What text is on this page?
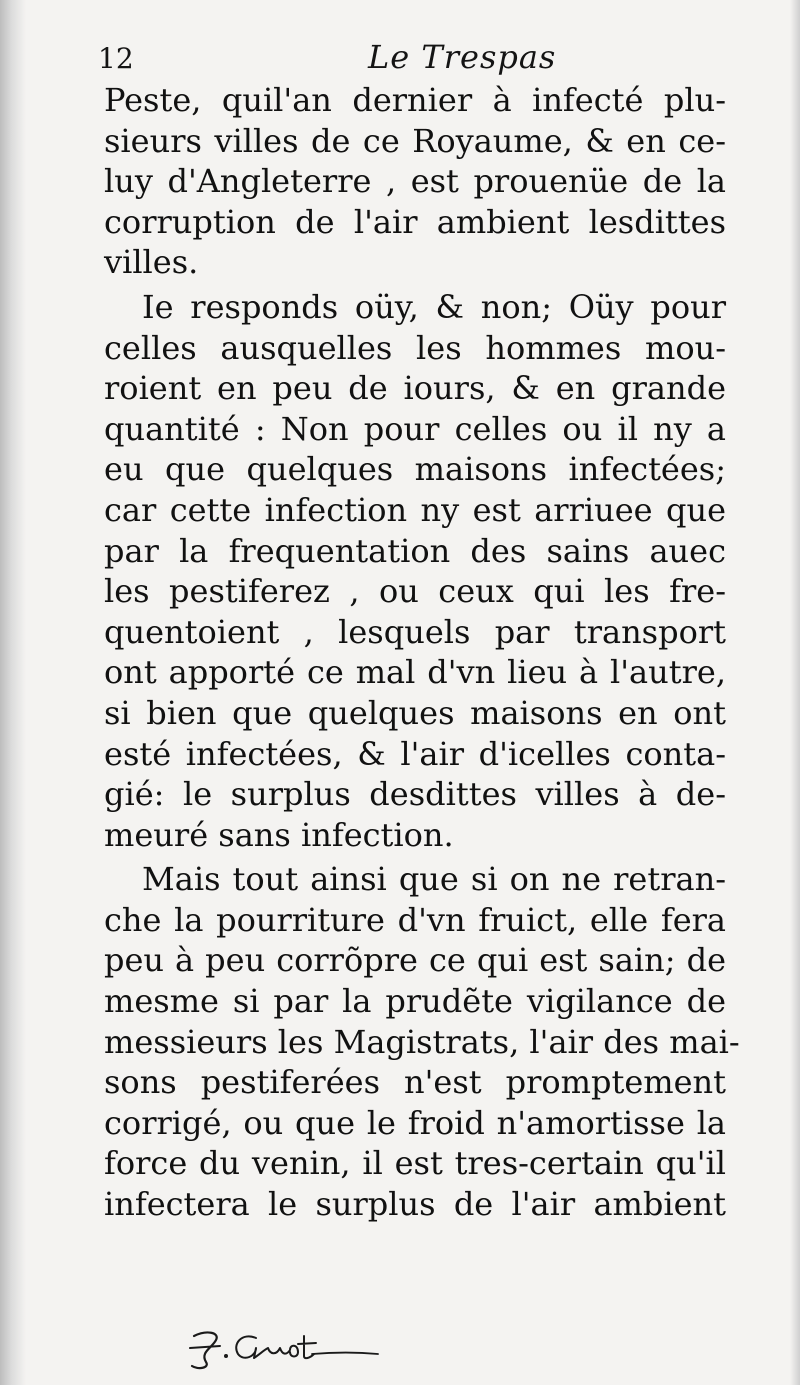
12	Le Trespas
Peste, quil'an dernier à infecté plu-
sieurs villes de ce Royaume, & en ce-
luy d'Angleterre , est prouenüe de la
corruption de l'air ambient lesdittes
villes.
Ie responds oüy, & non; Oüy pour
celles ausquelles les hommes mou-
roient en peu de iours, & en grande
quantité : Non pour celles ou il ny a
eu que quelques maisons infectées;
car cette infection ny est arriuee que
par la frequentation des sains auec
les pestiferez , ou ceux qui les fre-
quentoient , lesquels par transport
ont apporté ce mal d'vn lieu à l'autre,
si bien que quelques maisons en ont
esté infectées, & l'air d'icelles conta-
gié: le surplus desdittes villes à de-
meuré sans infection.
Mais tout ainsi que si on ne retran-
che la pourriture d'vn fruict, elle fera
peu à peu corrõpre ce qui est sain; de
mesme si par la prudẽte vigilance de
messieurs les Magistrats, l'air des mai-
sons pestiferées n'est promptement
corrigé, ou que le froid n'amortisse la
force du venin, il est tres-certain qu'il
infectera le surplus de l'air ambient
